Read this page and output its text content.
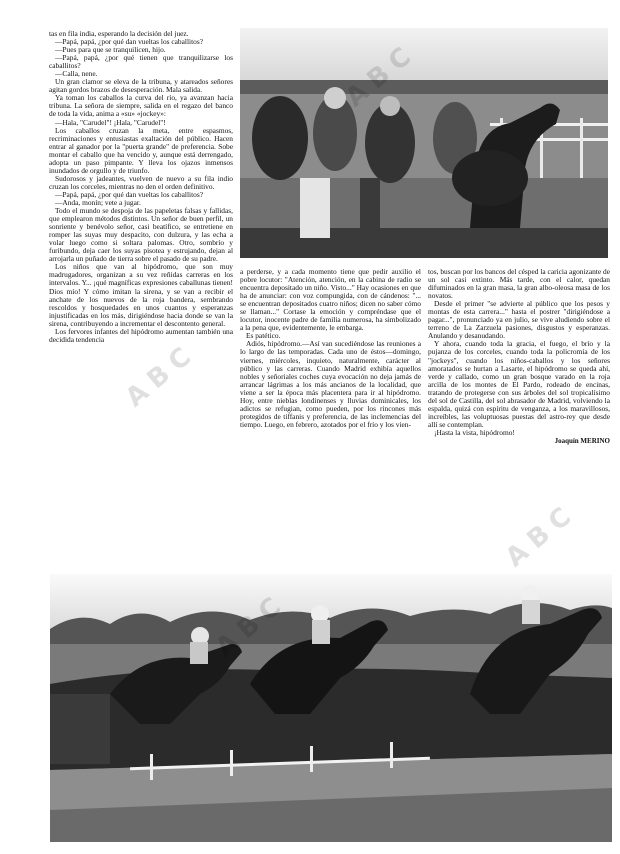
tas en fila india, esperando la decisión del juez.

—Papá, papá, ¿por qué dan vueltas los caballitos?

—Pues para que se tranquilicen, hijo.

—Papá, papá, ¿por qué tienen que tranquilizarse los caballitos?

—Calla, nene.

Un gran clamor se eleva de la tribuna, y atareados señores agitan gordos brazos de desesperación. Mala salida.

Ya toman los caballos la curva del río, ya avanzan hacia tribuna. La señora de siempre, salida en el regazo del banco de toda la vida, anima a «su» «jockey»:

—Hala, "Carudel"! ¡Hala, "Carudel"!

Los caballos cruzan la meta, entre espasmos, recriminaciones y entusiastas exaltación del público. Hacen entrar al ganador por la "puerta grande" de preferencia. Sobe montar el caballo que ha vencido y, aunque está derrengado, adopta un paso pimpante. Y lleva los ojazos inmensos inundados de orgullo y de triunfo.

Sudorosos y jadeantes, vuelven de nuevo a su fila indio cruzan los corceles, mientras no den el orden definitivo.

—Papá, papá, ¿por qué dan vueltas los caballitos?

—Anda, monín; vete a jugar.

Todo el mundo se despoja de las papeletas falsas y fallidas, que emplearon métodos distintos. Un señor de buen perfil, un sonriente y benévolo señor, casi beatífico, se entretiene en romper las suyas muy despacito, con dulzura, y las echa a volar luego como si soltara palomas. Otro, sombrío y furibundo, deja caer los suyas pisotea y estrujando, dejan al arrojarla un puñado de tierra sobre el pasado de su padre.

Los niños que van al hipódromo, que son muy madrugadores, organizan a su vez reñidas carreras en los intervalos. Y... ¡qué magníficas expresiones caballunas tienen! Dios mío! Y cómo imitan la sirena, y se van a recibir el anchate de los nuevos de la roja bandera, sembrando rescoldos y hosquedades en unos cuantos y esperanzas injustificadas en los más, dirigiéndose hacia donde se van la sirena, contribuyendo a incrementar el descontento general.

Los fervores infantes del hipódromo aumentan también una decidida tendencia

a perderse, y a cada momento tiene que pedir auxilio el pobre locutor: "Atención, atención, en la cabina de radio se encuentra depositado un niño. Visto..." Hay ocasiones en que ha de anunciar: con voz compungida, con de cándenos: "... se encuentran depositados cuatro niños; dicen no saber cómo se llaman..." Cortase la emoción y compréndase que el locutor, inocente padre de familia numerosa, ha simbolizado a la pena que, evidentemente, le embarga.

Es patético.

Adiós, hipódromo.—Así van sucediéndose las reuniones a lo largo de las temporadas. Cada uno de éstos—domingo, viernes, miércoles, inquieto, naturalmente, carácter al público y las carreras. Cuando Madrid exhibía aquellos nobles y señoriales coches cuya evocación no deja jamás de arrancar lágrimas a los más ancianos de la localidad, que viene a ser la época más placentera para ir al hipódromo. Hoy, entre nieblas londinenses y lluvias dominicales, los adictos se refugian, como pueden, por los rincones más protegidos de tiffanis y preferencia, de las inclemencias del tiempo. Luego, en febrero, azotados por el frío y los vien-

tos, buscan por los bancos del césped la caricia agonizante de un sol casi extinto. Más tarde, con el calor, quedan difuminados en la gran masa, la gran albo-oleosa masa de los novatos.

Desde el primer "se advierte al público que los pesos y montas de esta carrera..." hasta el postrer "dirigiéndose a pagar...", pronunciado ya en julio, se vive aludiendo sobre el terreno de La Zarzuela pasiones, disgustos y esperanzas. Anulando y desanudando.

Y ahora, cuando toda la gracia, el fuego, el brío y la pujanza de los corceles, cuando toda la policromía de los "jockeys", cuando los niños-caballos y los señores amoratados se hurtan a Lasarte, el hipódromo se queda ahí, verde y callado, como un gran bosque varado en la roja arcilla de los montes de El Pardo, rodeado de encinas, tratando de protegerse con sus árboles del sol tropicalísimo del sol de Castilla, del sol abrasador de Madrid, volviendo la espalda, quizá con espíritu de venganza, a los maravillosos, increíbles, las voluptuosas puestas del astro-rey que desde allí se contemplan.

¡Hasta la vista, hipódromo!

Joaquín MERINO
ABC
ABC
